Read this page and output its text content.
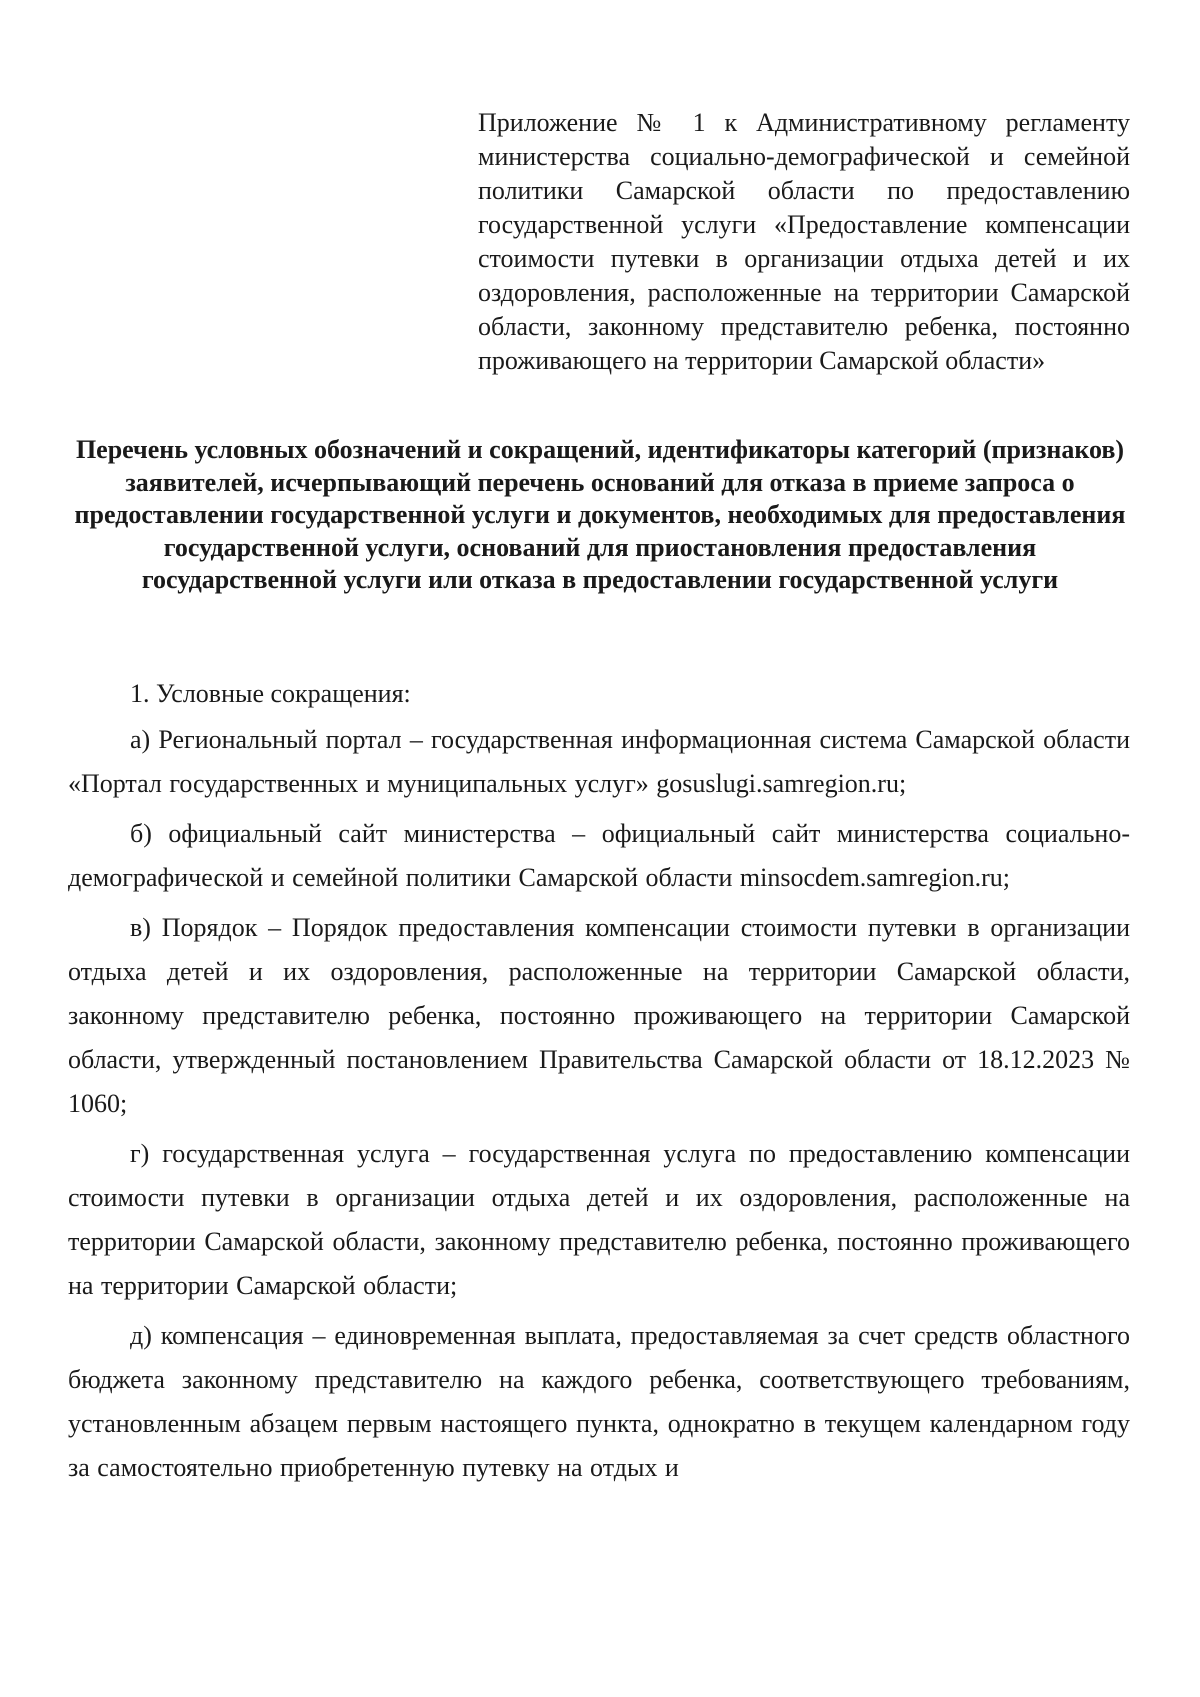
Приложение № 1 к Административному регламенту министерства социально-демографической и семейной политики Самарской области по предоставлению государственной услуги «Предоставление компенсации стоимости путевки в организации отдыха детей и их оздоровления, расположенные на территории Самарской области, законному представителю ребенка, постоянно проживающего на территории Самарской области»
Перечень условных обозначений и сокращений, идентификаторы категорий (признаков) заявителей, исчерпывающий перечень оснований для отказа в приеме запроса о предоставлении государственной услуги и документов, необходимых для предоставления государственной услуги, оснований для приостановления предоставления государственной услуги или отказа в предоставлении государственной услуги
1. Условные сокращения:

а) Региональный портал – государственная информационная система Самарской области «Портал государственных и муниципальных услуг» gosuslugi.samregion.ru;

б) официальный сайт министерства – официальный сайт министерства социально-демографической и семейной политики Самарской области minsocdem.samregion.ru;

в) Порядок – Порядок предоставления компенсации стоимости путевки в организации отдыха детей и их оздоровления, расположенные на территории Самарской области, законному представителю ребенка, постоянно проживающего на территории Самарской области, утвержденный постановлением Правительства Самарской области от 18.12.2023 № 1060;

г) государственная услуга – государственная услуга по предоставлению компенсации стоимости путевки в организации отдыха детей и их оздоровления, расположенные на территории Самарской области, законному представителю ребенка, постоянно проживающего на территории Самарской области;

д) компенсация – единовременная выплата, предоставляемая за счет средств областного бюджета законному представителю на каждого ребенка, соответствующего требованиям, установленным абзацем первым настоящего пункта, однократно в текущем календарном году за самостоятельно приобретенную путевку на отдых и
